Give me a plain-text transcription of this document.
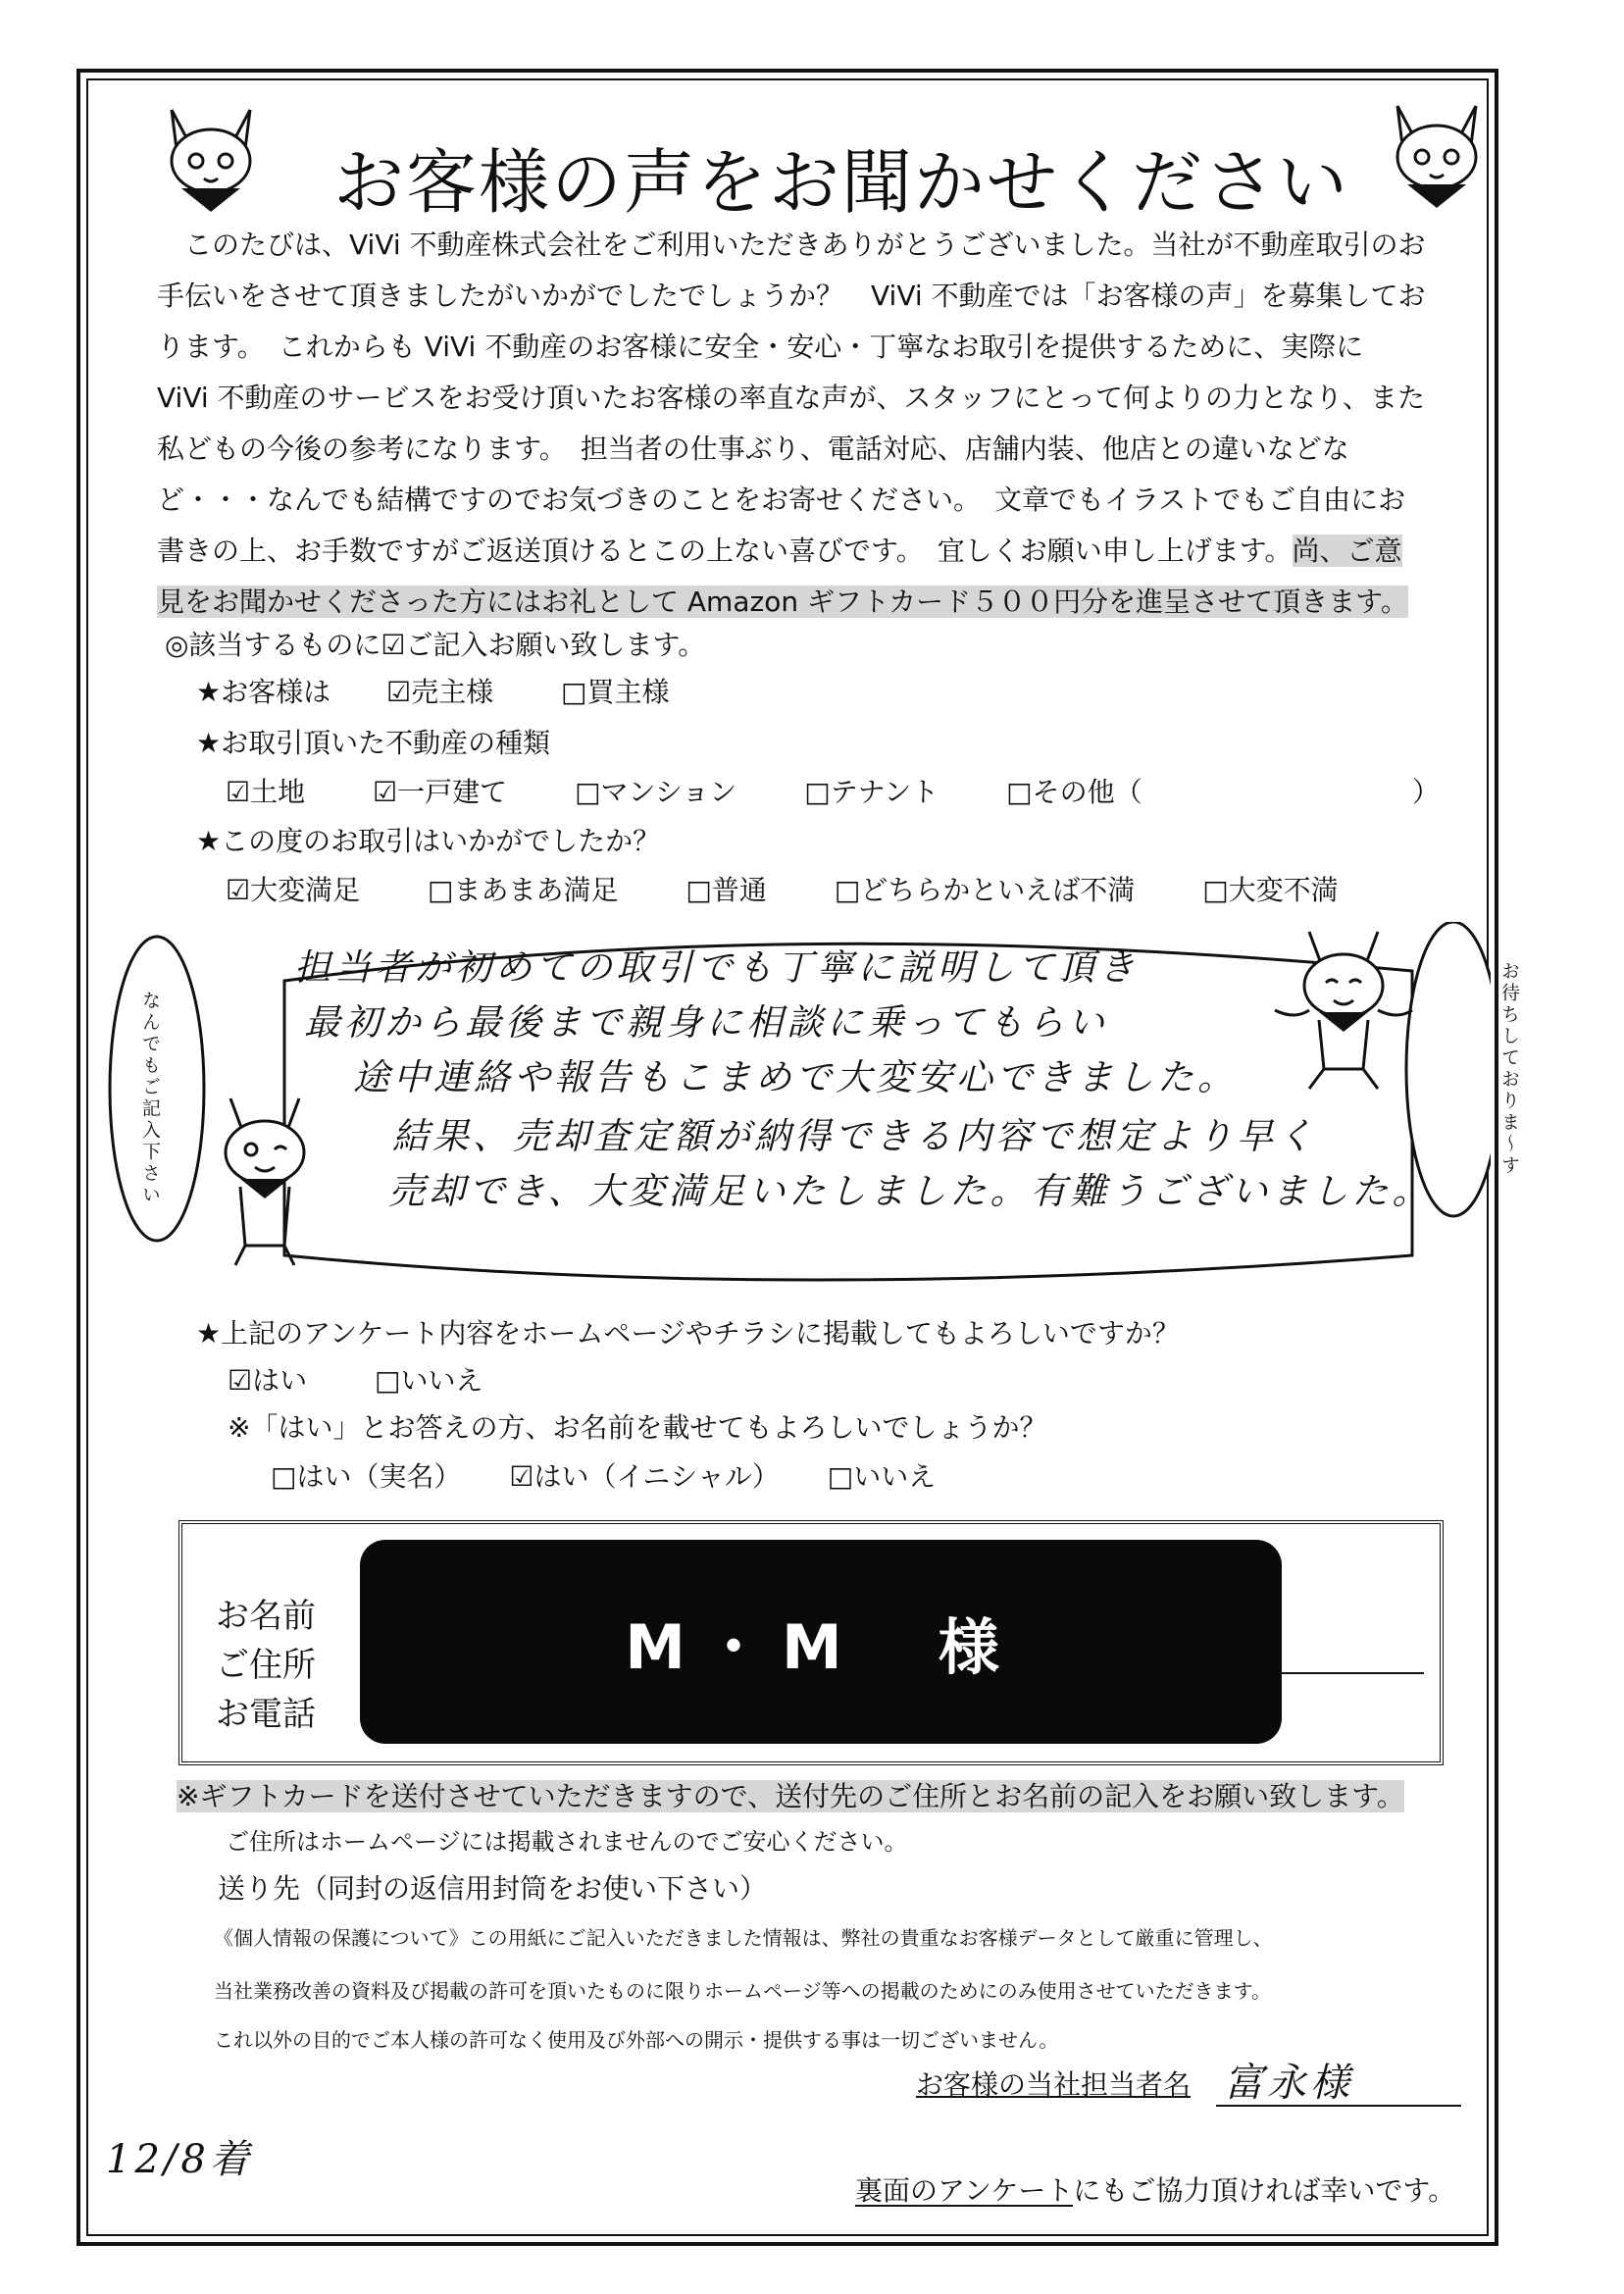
お客様の声をお聞かせください
　このたびは、ViVi 不動産株式会社をご利用いただきありがとうございました。当社が不動産取引のお
手伝いをさせて頂きましたがいかがでしたでしょうか？　ViVi 不動産では「お客様の声」を募集してお
ります。　これからも ViVi 不動産のお客様に安全・安心・丁寧なお取引を提供するために、実際に
ViVi 不動産のサービスをお受け頂いたお客様の率直な声が、スタッフにとって何よりの力となり、また
私どもの今後の参考になります。　担当者の仕事ぶり、電話対応、店舗内装、他店との違いなどな
ど・・・なんでも結構ですのでお気づきのことをお寄せください。　文章でもイラストでもご自由にお
書きの上、お手数ですがご返送頂けるとこの上ない喜びです。　宜しくお願い申し上げます。尚、ご意
見をお聞かせくださった方にはお礼として Amazon ギフトカード５００円分を進呈させて頂きます。
◎該当するものに☑ご記入お願い致します。
★お客様は ☑売主様 □買主様
★お取引頂いた不動産の種類
☑土地 ☑一戸建て □マンション □テナント □その他（	）
★この度のお取引はいかがでしたか？
☑大変満足 □まあまあ満足 □普通 □どちらかといえば不満 □大変不満
なんでもご記入下さい	お待ちしておりま〜す
担当者が初めての取引でも丁寧に説明して頂き
最初から最後まで親身に相談に乗ってもらい
途中連絡や報告もこまめで大変安心できました。
結果、売却査定額が納得できる内容で想定より早く
売却でき、大変満足いたしました。有難うございました。
★上記のアンケート内容をホームページやチラシに掲載してもよろしいですか？
☑はい □いいえ
※「はい」とお答えの方、お名前を載せてもよろしいでしょうか？
□はい（実名） ☑はい（イニシャル） □いいえ
お名前
ご住所
お電話
M・M　様
※ギフトカードを送付させていただきますので、送付先のご住所とお名前の記入をお願い致します。
ご住所はホームページには掲載されませんのでご安心ください。
送り先（同封の返信用封筒をお使い下さい）
《個人情報の保護について》この用紙にご記入いただきました情報は、弊社の貴重なお客様データとして厳重に管理し、
当社業務改善の資料及び掲載の許可を頂いたものに限りホームページ等への掲載のためにのみ使用させていただきます。
これ以外の目的でご本人様の許可なく使用及び外部への開示・提供する事は一切ございません。
お客様の当社担当者名 富永様
12/8着
裏面のアンケートにもご協力頂ければ幸いです。
